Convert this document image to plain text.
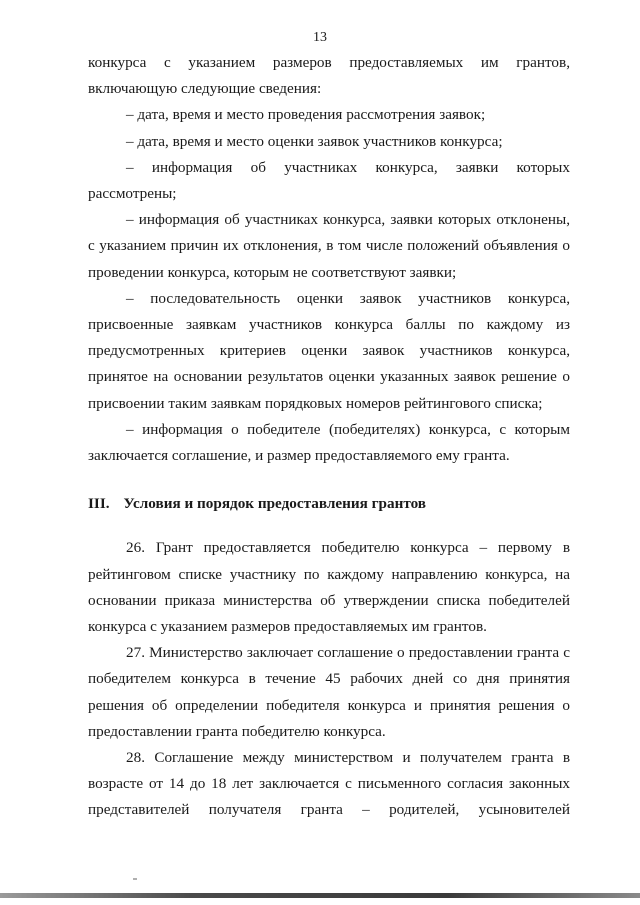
13

конкурса с указанием размеров предоставляемых им грантов, включающую следующие сведения:

– дата, время и место проведения рассмотрения заявок;

– дата, время и место оценки заявок участников конкурса;

– информация об участниках конкурса, заявки которых рассмотрены;

– информация об участниках конкурса, заявки которых отклонены, с указанием причин их отклонения, в том числе положений объявления о проведении конкурса, которым не соответствуют заявки;

– последовательность оценки заявок участников конкурса, присвоенные заявкам участников конкурса баллы по каждому из предусмотренных критериев оценки заявок участников конкурса, принятое на основании результатов оценки указанных заявок решение о присвоении таким заявкам порядковых номеров рейтингового списка;

– информация о победителе (победителях) конкурса, с которым заключается соглашение, и размер предоставляемого ему гранта.

III. Условия и порядок предоставления грантов

26. Грант предоставляется победителю конкурса – первому в рейтинговом списке участнику по каждому направлению конкурса, на основании приказа министерства об утверждении списка победителей конкурса с указанием размеров предоставляемых им грантов.

27. Министерство заключает соглашение о предоставлении гранта с победителем конкурса в течение 45 рабочих дней со дня принятия решения об определении победителя конкурса и принятия решения о предоставлении гранта победителю конкурса.

28. Соглашение между министерством и получателем гранта в возрасте от 14 до 18 лет заключается с письменного согласия законных представителей получателя гранта – родителей, усыновителей
